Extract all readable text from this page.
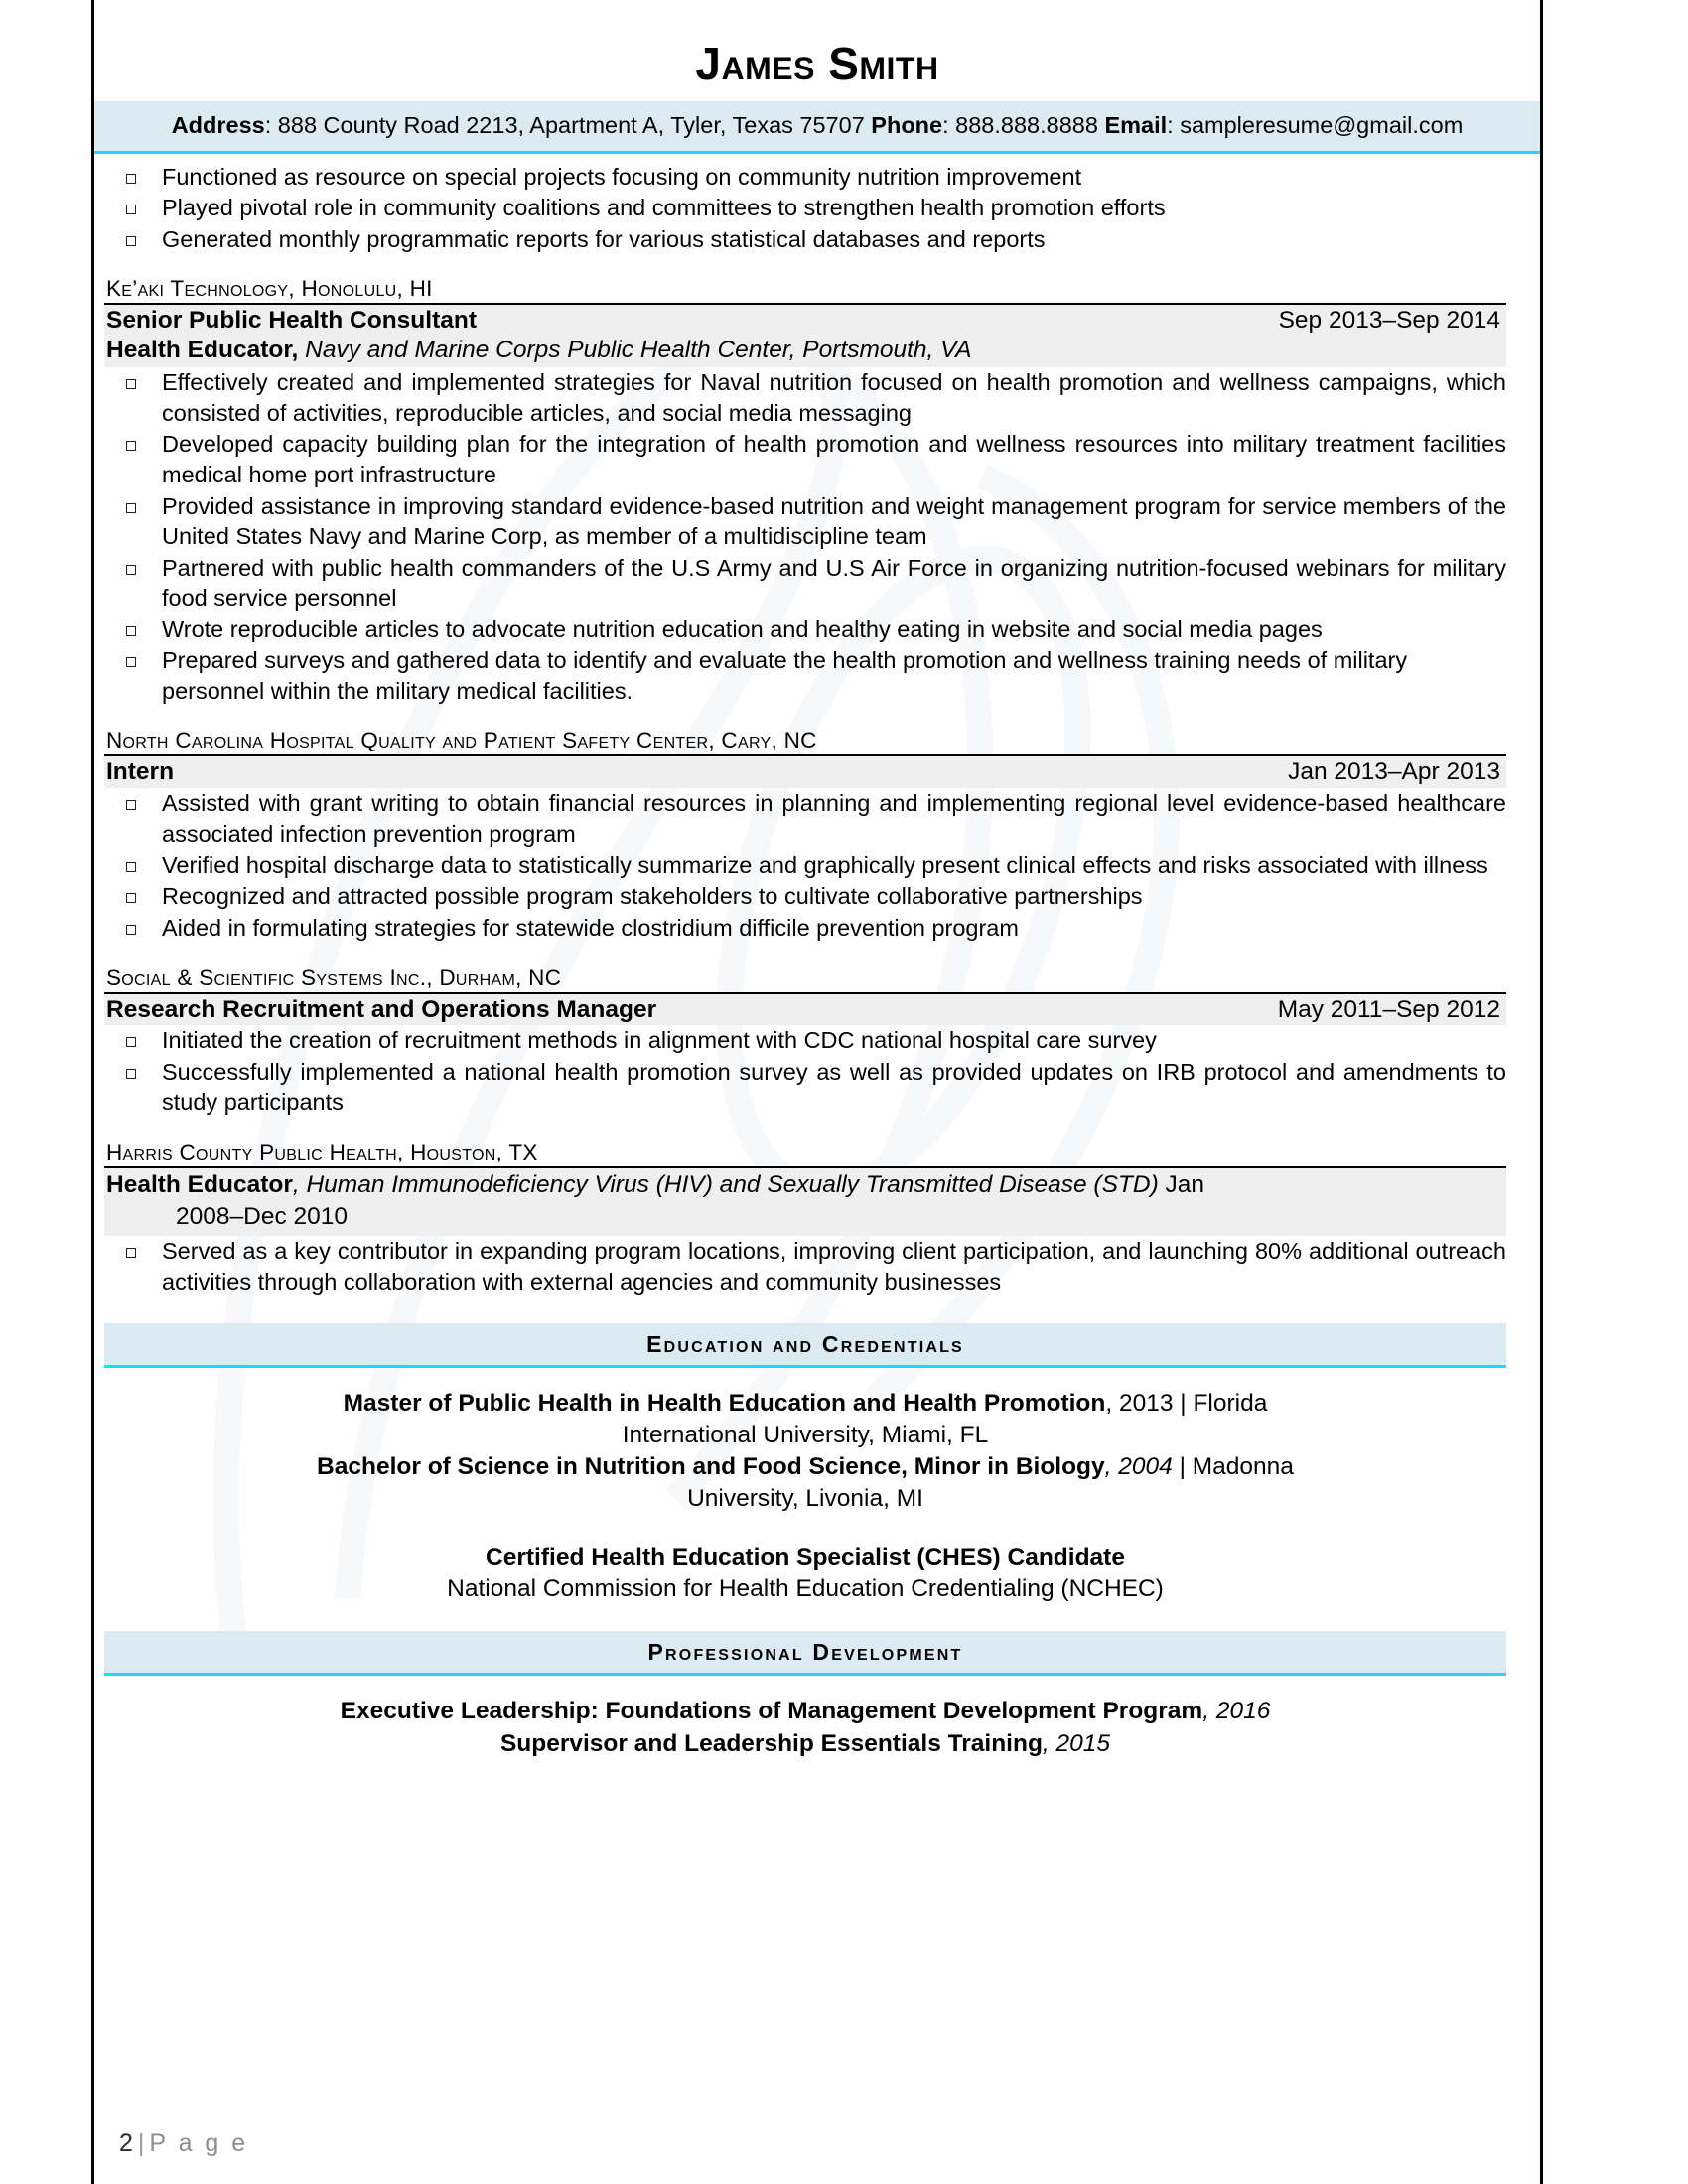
James Smith
Address: 888 County Road 2213, Apartment A, Tyler, Texas 75707 Phone: 888.888.8888 Email: sampleresume@gmail.com
Functioned as resource on special projects focusing on community nutrition improvement
Played pivotal role in community coalitions and committees to strengthen health promotion efforts
Generated monthly programmatic reports for various statistical databases and reports
Ke’aki Technology, Honolulu, HI
Senior Public Health Consultant	Sep 2013–Sep 2014
Health Educator, Navy and Marine Corps Public Health Center, Portsmouth, VA
Effectively created and implemented strategies for Naval nutrition focused on health promotion and wellness campaigns, which consisted of activities, reproducible articles, and social media messaging
Developed capacity building plan for the integration of health promotion and wellness resources into military treatment facilities medical home port infrastructure
Provided assistance in improving standard evidence-based nutrition and weight management program for service members of the United States Navy and Marine Corp, as member of a multidiscipline team
Partnered with public health commanders of the U.S Army and U.S Air Force in organizing nutrition-focused webinars for military food service personnel
Wrote reproducible articles to advocate nutrition education and healthy eating in website and social media pages
Prepared surveys and gathered data to identify and evaluate the health promotion and wellness training needs of military personnel within the military medical facilities.
North Carolina Hospital Quality and Patient Safety Center, Cary, NC
Intern	Jan 2013–Apr 2013
Assisted with grant writing to obtain financial resources in planning and implementing regional level evidence-based healthcare associated infection prevention program
Verified hospital discharge data to statistically summarize and graphically present clinical effects and risks associated with illness
Recognized and attracted possible program stakeholders to cultivate collaborative partnerships
Aided in formulating strategies for statewide clostridium difficile prevention program
Social & Scientific Systems Inc., Durham, NC
Research Recruitment and Operations Manager	May 2011–Sep 2012
Initiated the creation of recruitment methods in alignment with CDC national hospital care survey
Successfully implemented a national health promotion survey as well as provided updates on IRB protocol and amendments to study participants
Harris County Public Health, Houston, TX
Health Educator, Human Immunodeficiency Virus (HIV) and Sexually Transmitted Disease (STD) Jan
2008–Dec 2010
Served as a key contributor in expanding program locations, improving client participation, and launching 80% additional outreach activities through collaboration with external agencies and community businesses
Education and Credentials
Master of Public Health in Health Education and Health Promotion, 2013 | Florida
International University, Miami, FL
Bachelor of Science in Nutrition and Food Science, Minor in Biology, 2004 | Madonna
University, Livonia, MI
Certified Health Education Specialist (CHES) Candidate
National Commission for Health Education Credentialing (NCHEC)
Professional Development
Executive Leadership: Foundations of Management Development Program, 2016
Supervisor and Leadership Essentials Training, 2015
2 | P a g e
